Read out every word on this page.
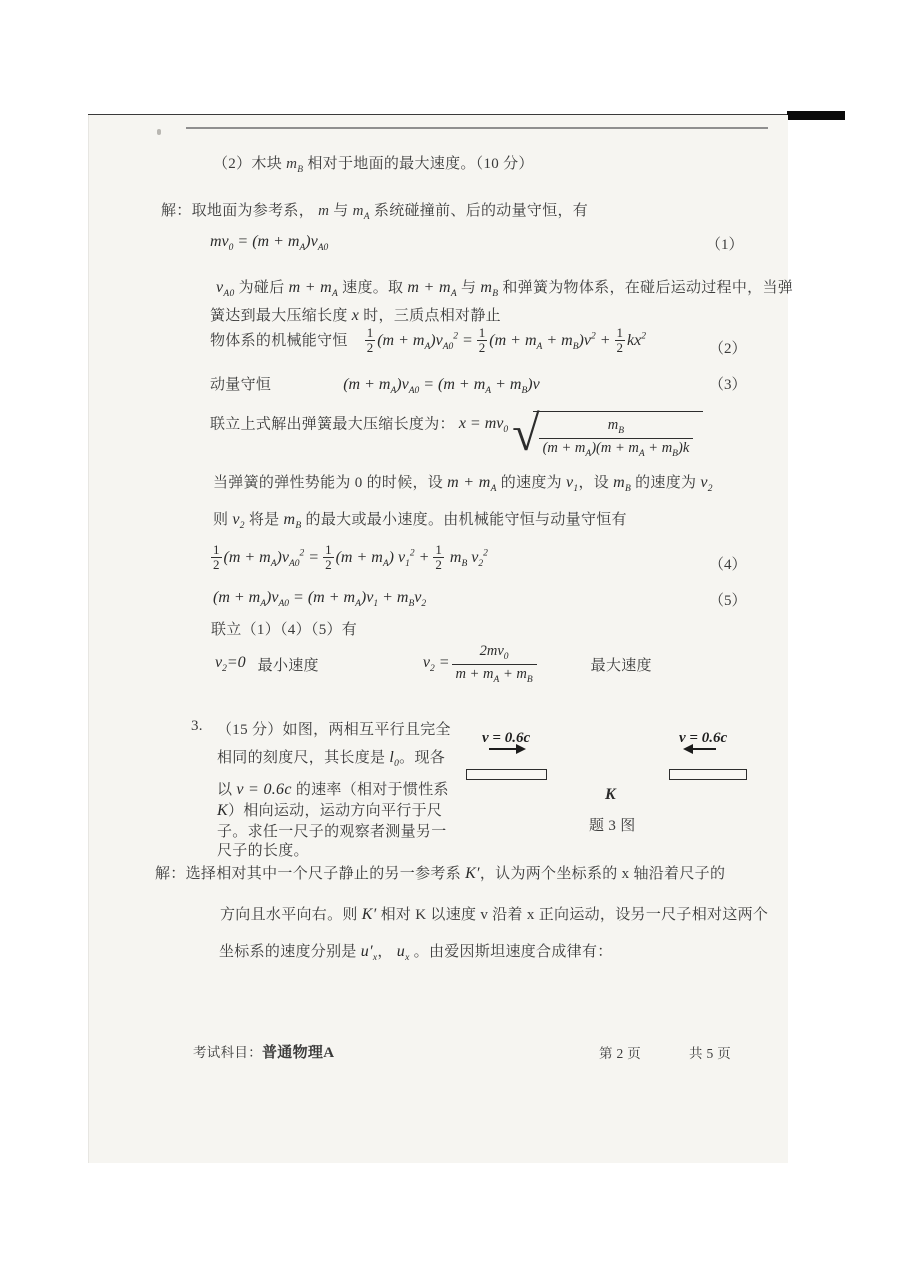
（2）木块 $m_B$ 相对于地面的最大速度。（10 分）
解：取地面为参考系， m 与 $m_A$ 系统碰撞前、后的动量守恒，有
$mv_0 = (m + m_A)v_{A0}$	（1）
$v_{A0}$ 为碰后 $m + m_A$ 速度。取 $m + m_A$ 与 $m_B$ 和弹簧为物体系，在碰后运动过程中，当弹
簧达到最大压缩长度 x 时，三质点相对静止
物体系的机械能守恒 $\frac{1}{2} (m + m_A)v_{A0}^2 = \frac{1}{2} (m + m_A + m_B)v^2 + \frac{1}{2} kx^2$
（2）
动量守恒	$(m + m_A)v_{A0} = (m + m_A + m_B)v$	（3）
联立上式解出弹簧最大压缩长度为： $x = mv_0$ √ $\frac{m_B}{(m + m_A)(m + m_A + m_B)k}$
当弹簧的弹性势能为 0 的时候，设 $m + m_A$ 的速度为 $v_1$，设 $m_B$ 的速度为 $v_2$
则 $v_2$ 将是 $m_B$ 的最大或最小速度。由机械能守恒与动量守恒有
$\frac{1}{2} (m + m_A)v_{A0}^2 = \frac{1}{2} (m + m_A) v_1^2 + \frac{1}{2} m_B$ $v_2^2$
（4）
$(m + m_A)v_{A0} = (m + m_A)v_1 + m_Bv_2$	（5）
联立（1）（4）（5）有
$v_2=0$ 最小速度	$v_2 = \frac{2mv_0}{m + m_A + m_B}$	最大速度
3. （15 分）如图，两相互平行且完全
相同的刻度尺，其长度是 $l_0$。现各
以 v = 0.6c 的速率（相对于惯性系
K）相向运动，运动方向平行于尺
子。求任一尺子的观察者测量另一
尺子的长度。
v = 0.6c	v = 0.6c
K
题 3 图
解：选择相对其中一个尺子静止的另一参考系 K′，认为两个坐标系的 x 轴沿着尺子的
方向且水平向右。则 K′ 相对 K 以速度 v 沿着 x 正向运动，设另一尺子相对这两个
坐标系的速度分别是 $u'_x$， $u_x$ 。由爱因斯坦速度合成律有：
考试科目：普通物理A	第 2 页	共 5 页
